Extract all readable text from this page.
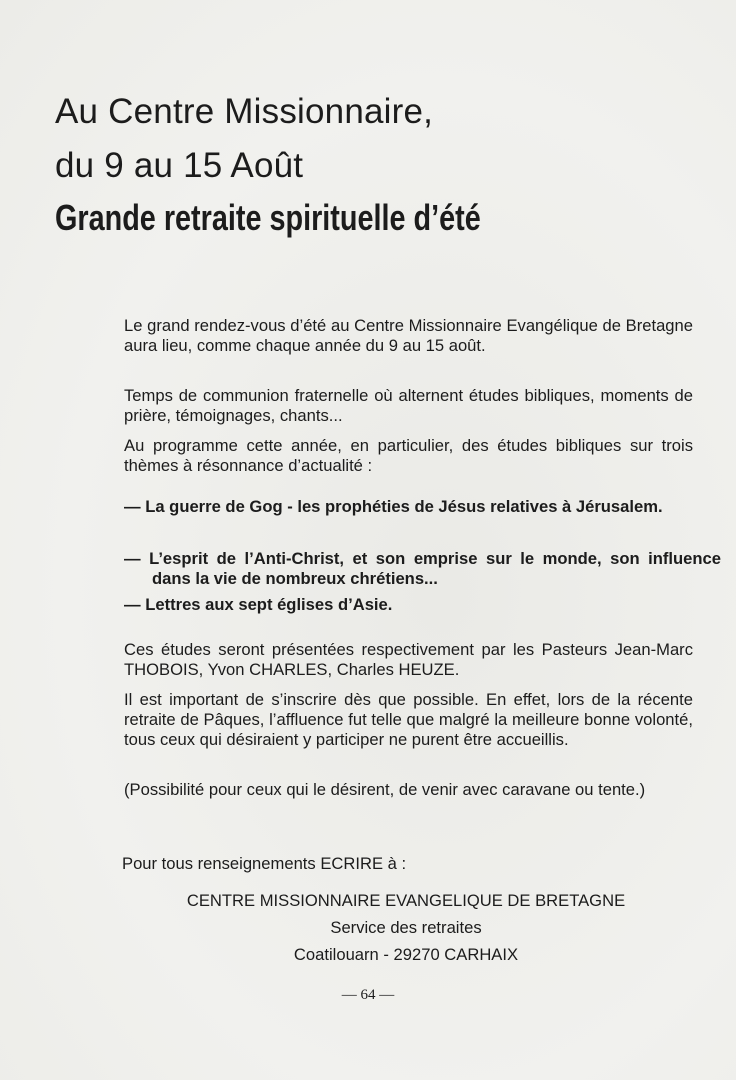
Au Centre Missionnaire,
du 9 au 15 Août
Grande retraite spirituelle d’été

Le grand rendez-vous d’été au Centre Missionnaire Evangélique de Bretagne aura lieu, comme chaque année du 9 au 15 août.

Temps de communion fraternelle où alternent études bibliques, moments de prière, témoignages, chants...

Au programme cette année, en particulier, des études bibliques sur trois thèmes à résonnance d’actualité :

— La guerre de Gog - les prophéties de Jésus relatives à Jérusalem.

— L’esprit de l’Anti-Christ, et son emprise sur le monde, son influence dans la vie de nombreux chrétiens...

— Lettres aux sept églises d’Asie.

Ces études seront présentées respectivement par les Pasteurs Jean-Marc THOBOIS, Yvon CHARLES, Charles HEUZE.

Il est important de s’inscrire dès que possible. En effet, lors de la récente retraite de Pâques, l’affluence fut telle que malgré la meilleure bonne volonté, tous ceux qui désiraient y participer ne purent être accueillis.

(Possibilité pour ceux qui le désirent, de venir avec caravane ou tente.)

Pour tous renseignements ECRIRE à :
CENTRE MISSIONNAIRE EVANGELIQUE DE BRETAGNE
Service des retraites
Coatilouarn - 29270 CARHAIX
— 64 —
